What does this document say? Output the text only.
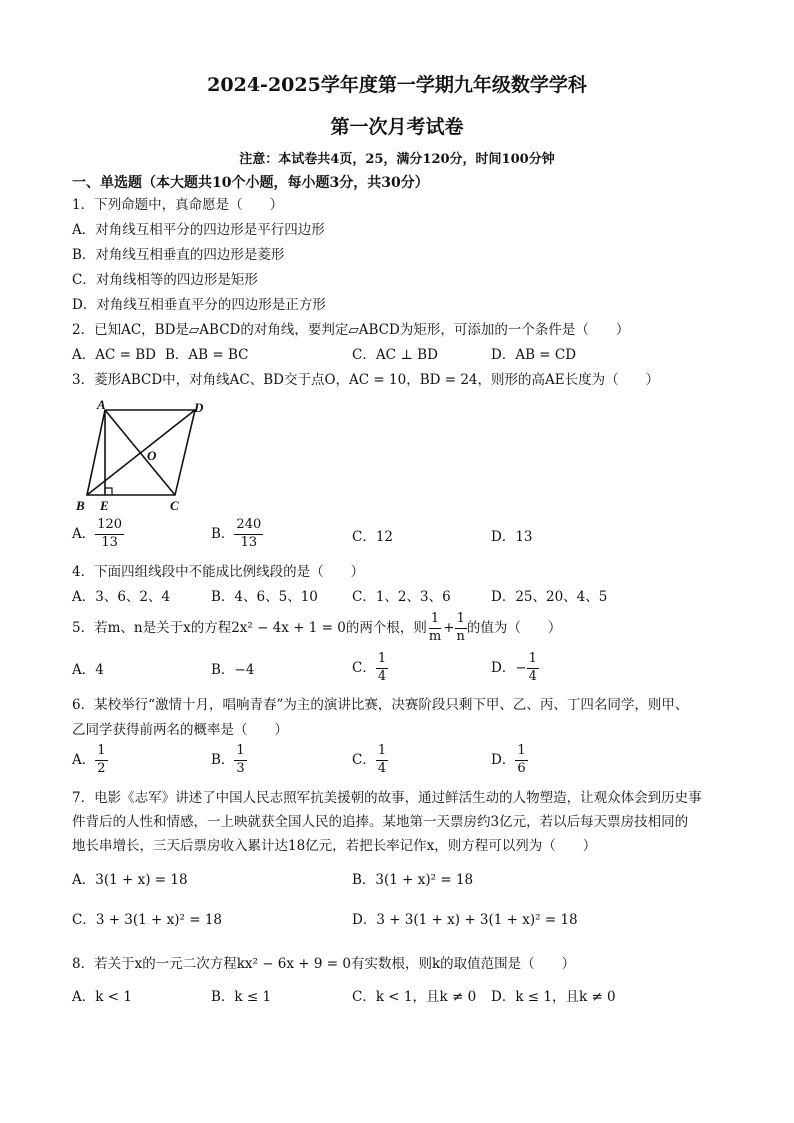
2024-2025学年度第一学期九年级数学学科
第一次月考试卷
注意：本试卷共4页，25，满分120分，时间100分钟
一、单选题（本大题共10个小题，每小题3分，共30分）
1．下列命题中，真命愿是（　　）
A．对角线互相平分的四边形是平行四边形
B．对角线互相垂直的四边形是菱形
C．对角线相等的四边形是矩形
D．对角线互相垂直平分的四边形是正方形
2．已知AC，BD是▱ABCD的对角线，要判定▱ABCD为矩形，可添加的一个条件是（　　）
A．AC = BD B．AB = BC	C．AC ⊥ BD	D．AB = CD
3．菱形ABCD中，对角线AC、BD交于点O，AC = 10，BD = 24，则形的高AE长度为（　　）
A	D
O
B E	C
A． $\frac{120}{13}$	B． $\frac{240}{13}$	C．12	D．13
4．下面四组线段中不能成比例线段的是（　　）
A．3、6、2、4	B．4、6、5、10	C．1、2、3、6	D．25、20、4、5
5．若m、n是关于x的方程2x² − 4x + 1 = 0的两个根，则 $\frac{1}{m} + \frac{1}{n}$ 的值为（　　）
A．4	B．−4	C． $\frac{1}{4}$	D．− $\frac{1}{4}$
6．某校举行“激情十月，唱响青春”为主的演讲比赛，决赛阶段只剩下甲、乙、丙、丁四名同学，则甲、
乙同学获得前两名的概率是（　　）
A． $\frac{1}{2}$	B． $\frac{1}{3}$	C． $\frac{1}{4}$	D． $\frac{1}{6}$
7．电影《志军》讲述了中国人民志照军抗美援朝的故事，通过鲜活生动的人物塑造，让观众体会到历史事
件背后的人性和情感，一上映就获全国人民的追捧。某地第一天票房约3亿元，若以后每天票房技相同的
地长串增长，三天后票房收入累计达18亿元，若把长率记作x，则方程可以列为（　　）
A．3(1 + x) = 18	B．3(1 + x)² = 18
C．3 + 3(1 + x)² = 18	D．3 + 3(1 + x) + 3(1 + x)² = 18
8．若关于x的一元二次方程kx² − 6x + 9 = 0有实数根，则k的取值范围是（　　）
A．k < 1	B．k ≤ 1	C．k < 1，且k ≠ 0 D．k ≤ 1，且k ≠ 0
